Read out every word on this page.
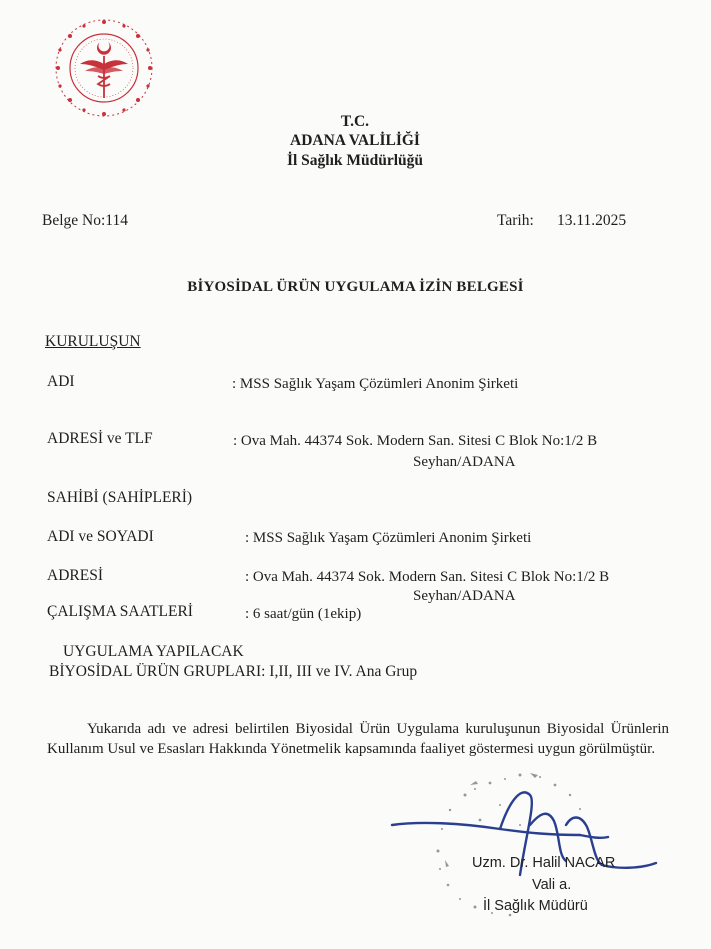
T.C.
ADANA VALİLİĞİ
İl Sağlık Müdürlüğü
Belge No:114	Tarih: 13.11.2025
BİYOSİDAL ÜRÜN UYGULAMA İZİN BELGESİ
KURULUŞUN
ADI	: MSS Sağlık Yaşam Çözümleri Anonim Şirketi
ADRESİ ve TLF	: Ova Mah. 44374 Sok. Modern San. Sitesi C Blok No:1/2 B
Seyhan/ADANA
SAHİBİ (SAHİPLERİ)
ADI ve SOYADI	: MSS Sağlık Yaşam Çözümleri Anonim Şirketi
ADRESİ	: Ova Mah. 44374 Sok. Modern San. Sitesi C Blok No:1/2 B
Seyhan/ADANA
ÇALIŞMA SAATLERİ	: 6 saat/gün (1ekip)
UYGULAMA YAPILACAK
BİYOSİDAL ÜRÜN GRUPLARI: I,II, III ve IV. Ana Grup
Yukarıda adı ve adresi belirtilen Biyosidal Ürün Uygulama kuruluşunun Biyosidal Ürünlerin Kullanım Usul ve Esasları Hakkında Yönetmelik kapsamında faaliyet göstermesi uygun görülmüştür.
Uzm. Dr. Halil NACAR
Vali a.
İl Sağlık Müdürü
